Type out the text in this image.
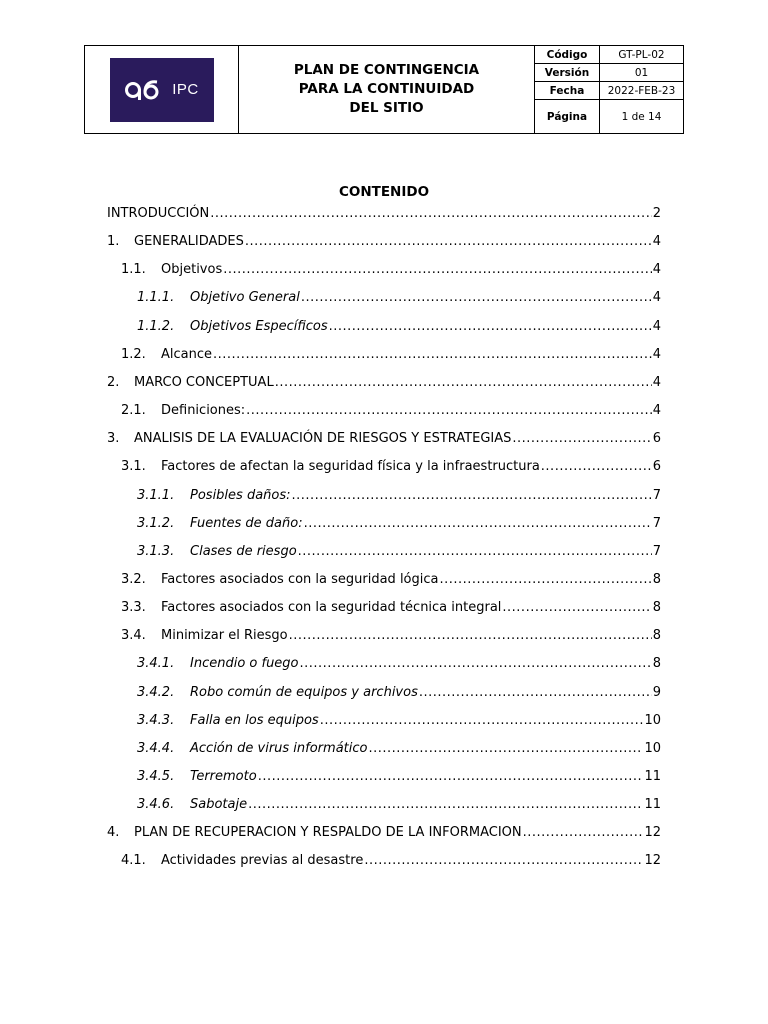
IPC
PLAN DE CONTINGENCIA
PARA LA CONTINUIDAD
DEL SITIO
Código	GT-PL-02
Versión	01
Fecha	2022-FEB-23
Página	1 de 14
CONTENIDO
INTRODUCCIÓN .....	2
1.	GENERALIDADES .....	4
1.1.	Objetivos .....	4
1.1.1.	Objetivo General .....	4
1.1.2.	Objetivos Específicos .....	4
1.2.	Alcance .....	4
2.	MARCO CONCEPTUAL .....	4
2.1.	Definiciones: .....	4
3.	ANALISIS DE LA EVALUACIÓN DE RIESGOS Y ESTRATEGIAS .....	6
3.1.	Factores de afectan la seguridad física y la infraestructura .....	6
3.1.1.	Posibles daños: .....	7
3.1.2.	Fuentes de daño: .....	7
3.1.3.	Clases de riesgo .....	7
3.2.	Factores asociados con la seguridad lógica .....	8
3.3.	Factores asociados con la seguridad técnica integral .....	8
3.4.	Minimizar el Riesgo .....	8
3.4.1.	Incendio o fuego .....	8
3.4.2.	Robo común de equipos y archivos .....	9
3.4.3.	Falla en los equipos .....	10
3.4.4.	Acción de virus informático .....	10
3.4.5.	Terremoto .....	11
3.4.6.	Sabotaje .....	11
4.	PLAN DE RECUPERACION Y RESPALDO DE LA INFORMACION .....	12
4.1.	Actividades previas al desastre .....	12
